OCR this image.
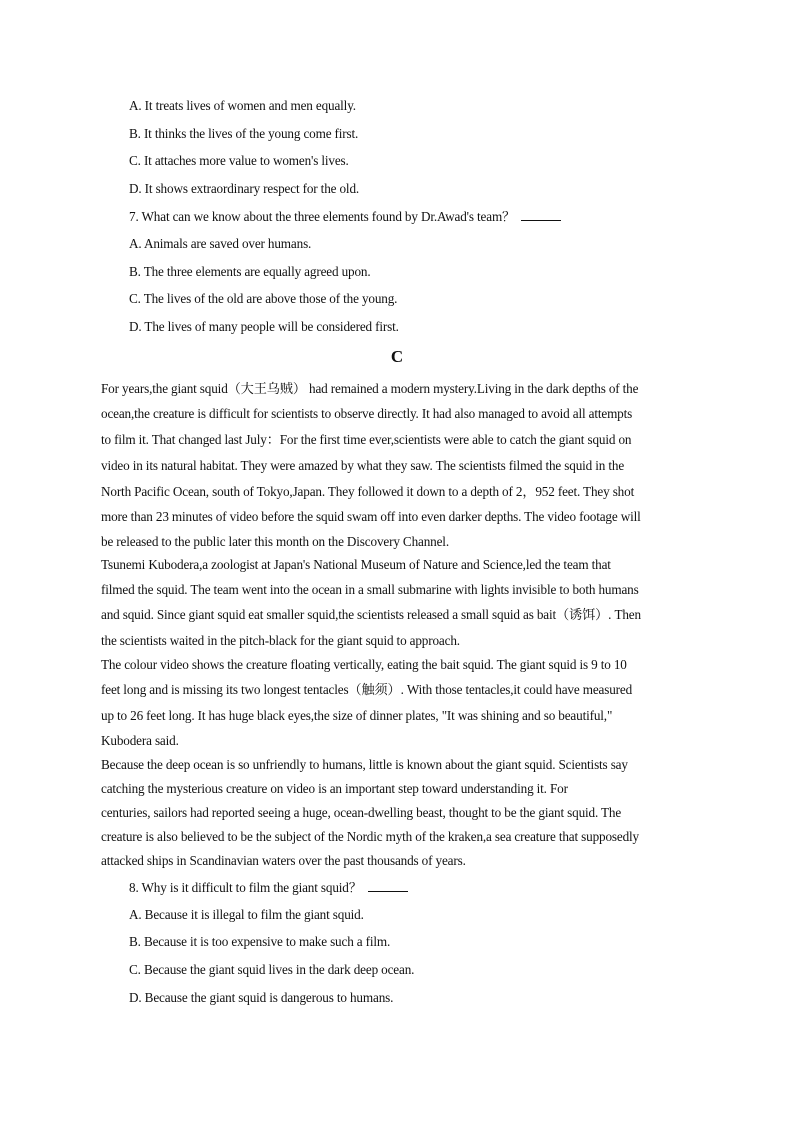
A. It treats lives of women and men equally.
B. It thinks the lives of the young come first.
C. It attaches more value to women's lives.
D. It shows extraordinary respect for the old.
7. What can we know about the three elements found by Dr.Awad's team？
A. Animals are saved over humans.
B. The three elements are equally agreed upon.
C. The lives of the old are above those of the young.
D. The lives of many people will be considered first.
C
For years,the giant squid（大王乌贼） had remained a modern mystery.Living in the dark depths of the
ocean,the creature is difficult for scientists to observe directly. It had also managed to avoid all attempts
to film it. That changed last July：For the first time ever,scientists were able to catch the giant squid on
video in its natural habitat. They were amazed by what they saw. The scientists filmed the squid in the
North Pacific Ocean, south of Tokyo,Japan. They followed it down to a depth of 2，952 feet. They shot
more than 23 minutes of video before the squid swam off into even darker depths. The video footage will
be released to the public later this month on the Discovery Channel.
Tsunemi Kubodera,a zoologist at Japan's National Museum of Nature and Science,led the team that
filmed the squid. The team went into the ocean in a small submarine with lights invisible to both humans
and squid. Since giant squid eat smaller squid,the scientists released a small squid as bait（诱饵）. Then
the scientists waited in the pitch-black for the giant squid to approach.
The colour video shows the creature floating vertically, eating the bait squid. The giant squid is 9 to 10
feet long and is missing its two longest tentacles（触须）. With those tentacles,it could have measured
up to 26 feet long. It has huge black eyes,the size of dinner plates, "It was shining and so beautiful,"
Kubodera said.
Because the deep ocean is so unfriendly to humans, little is known about the giant squid. Scientists say
catching the mysterious creature on video is an important step toward understanding it. For
centuries, sailors had reported seeing a huge, ocean-dwelling beast, thought to be the giant squid. The
creature is also believed to be the subject of the Nordic myth of the kraken,a sea creature that supposedly
attacked ships in Scandinavian waters over the past thousands of years.
8. Why is it difficult to film the giant squid？
A. Because it is illegal to film the giant squid.
B. Because it is too expensive to make such a film.
C. Because the giant squid lives in the dark deep ocean.
D. Because the giant squid is dangerous to humans.
